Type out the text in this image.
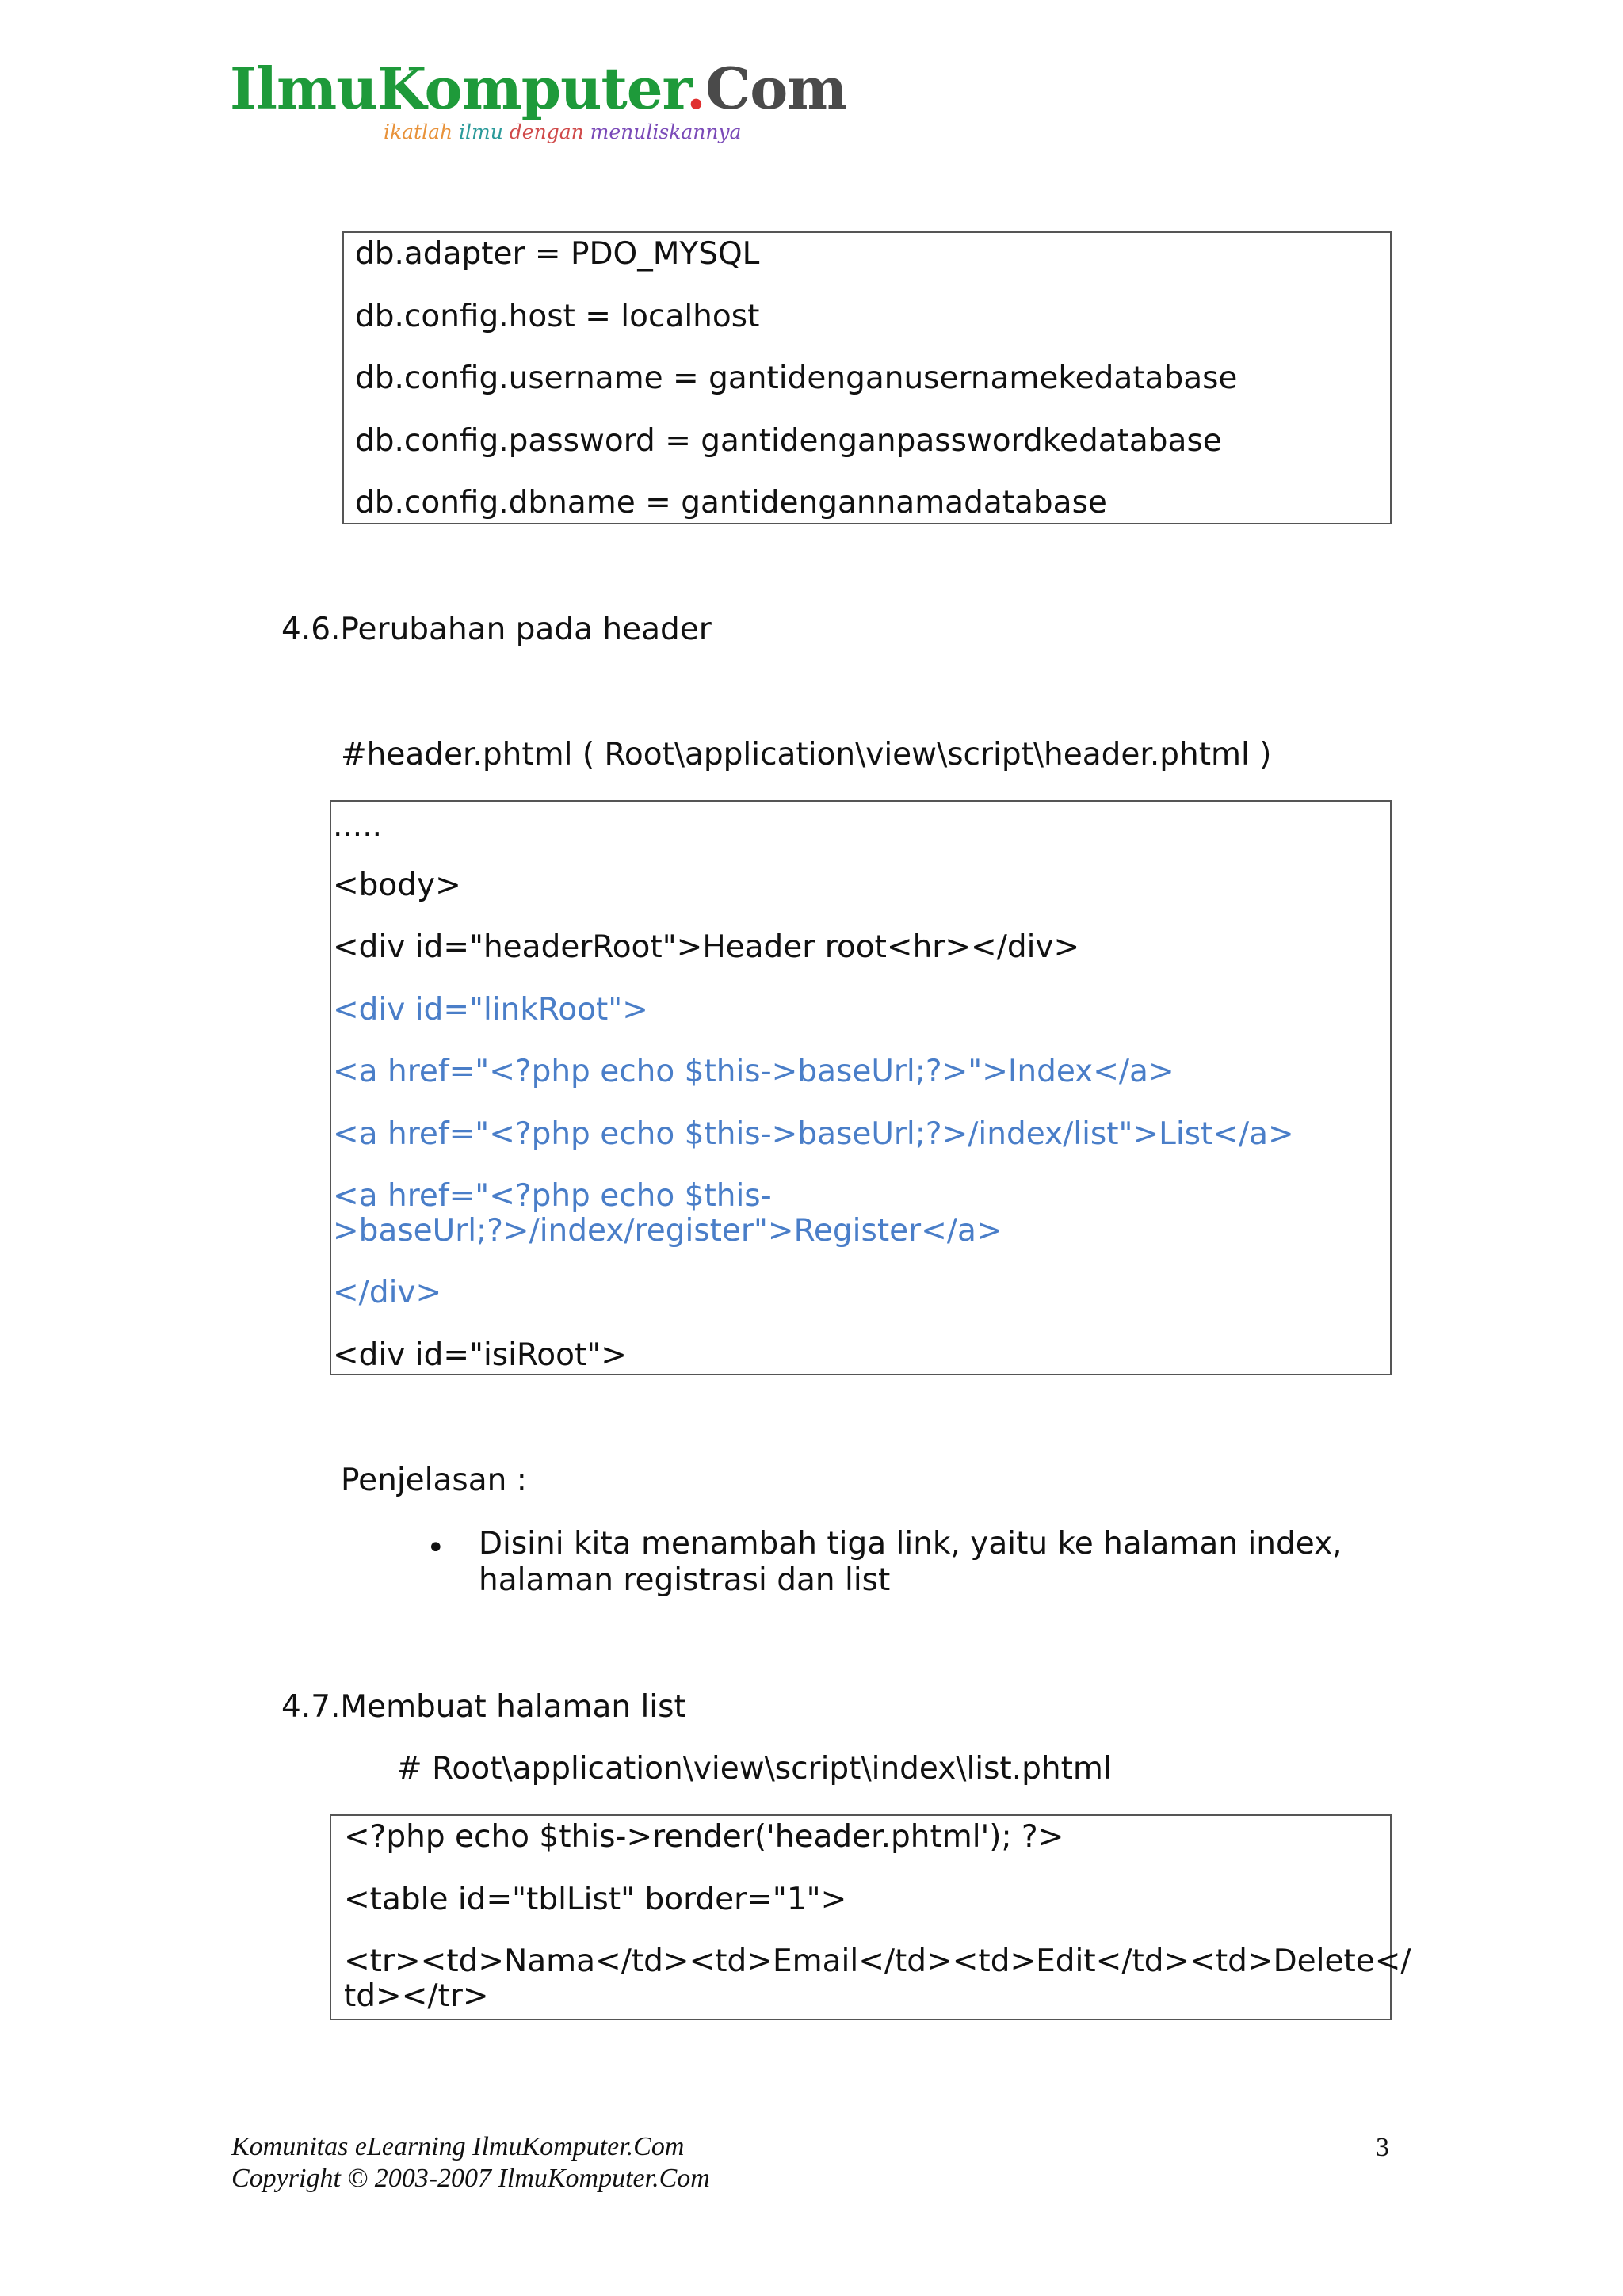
IlmuKomputer.Com
ikatlah ilmu dengan menuliskannya
db.adapter = PDO_MYSQL
db.config.host = localhost
db.config.username = gantidenganusernamekedatabase
db.config.password = gantidenganpasswordkedatabase
db.config.dbname = gantidengannamadatabase
4.6.Perubahan pada header
#header.phtml ( Root\application\view\script\header.phtml )
.....
<body>
<div id="headerRoot">Header root<hr></div>
<div id="linkRoot">
<a href="<?php echo $this->baseUrl;?>">Index</a>
<a href="<?php echo $this->baseUrl;?>/index/list">List</a>
<a href="<?php echo $this-
>baseUrl;?>/index/register">Register</a>
</div>
<div id="isiRoot">
Penjelasan :
• Disini kita menambah tiga link, yaitu ke halaman index,
halaman registrasi dan list
4.7.Membuat halaman list
# Root\application\view\script\index\list.phtml
<?php echo $this->render('header.phtml'); ?>
<table id="tblList" border="1">
<tr><td>Nama</td><td>Email</td><td>Edit</td><td>Delete</
td></tr>
Komunitas eLearning IlmuKomputer.Com
Copyright © 2003-2007 IlmuKomputer.Com
3
